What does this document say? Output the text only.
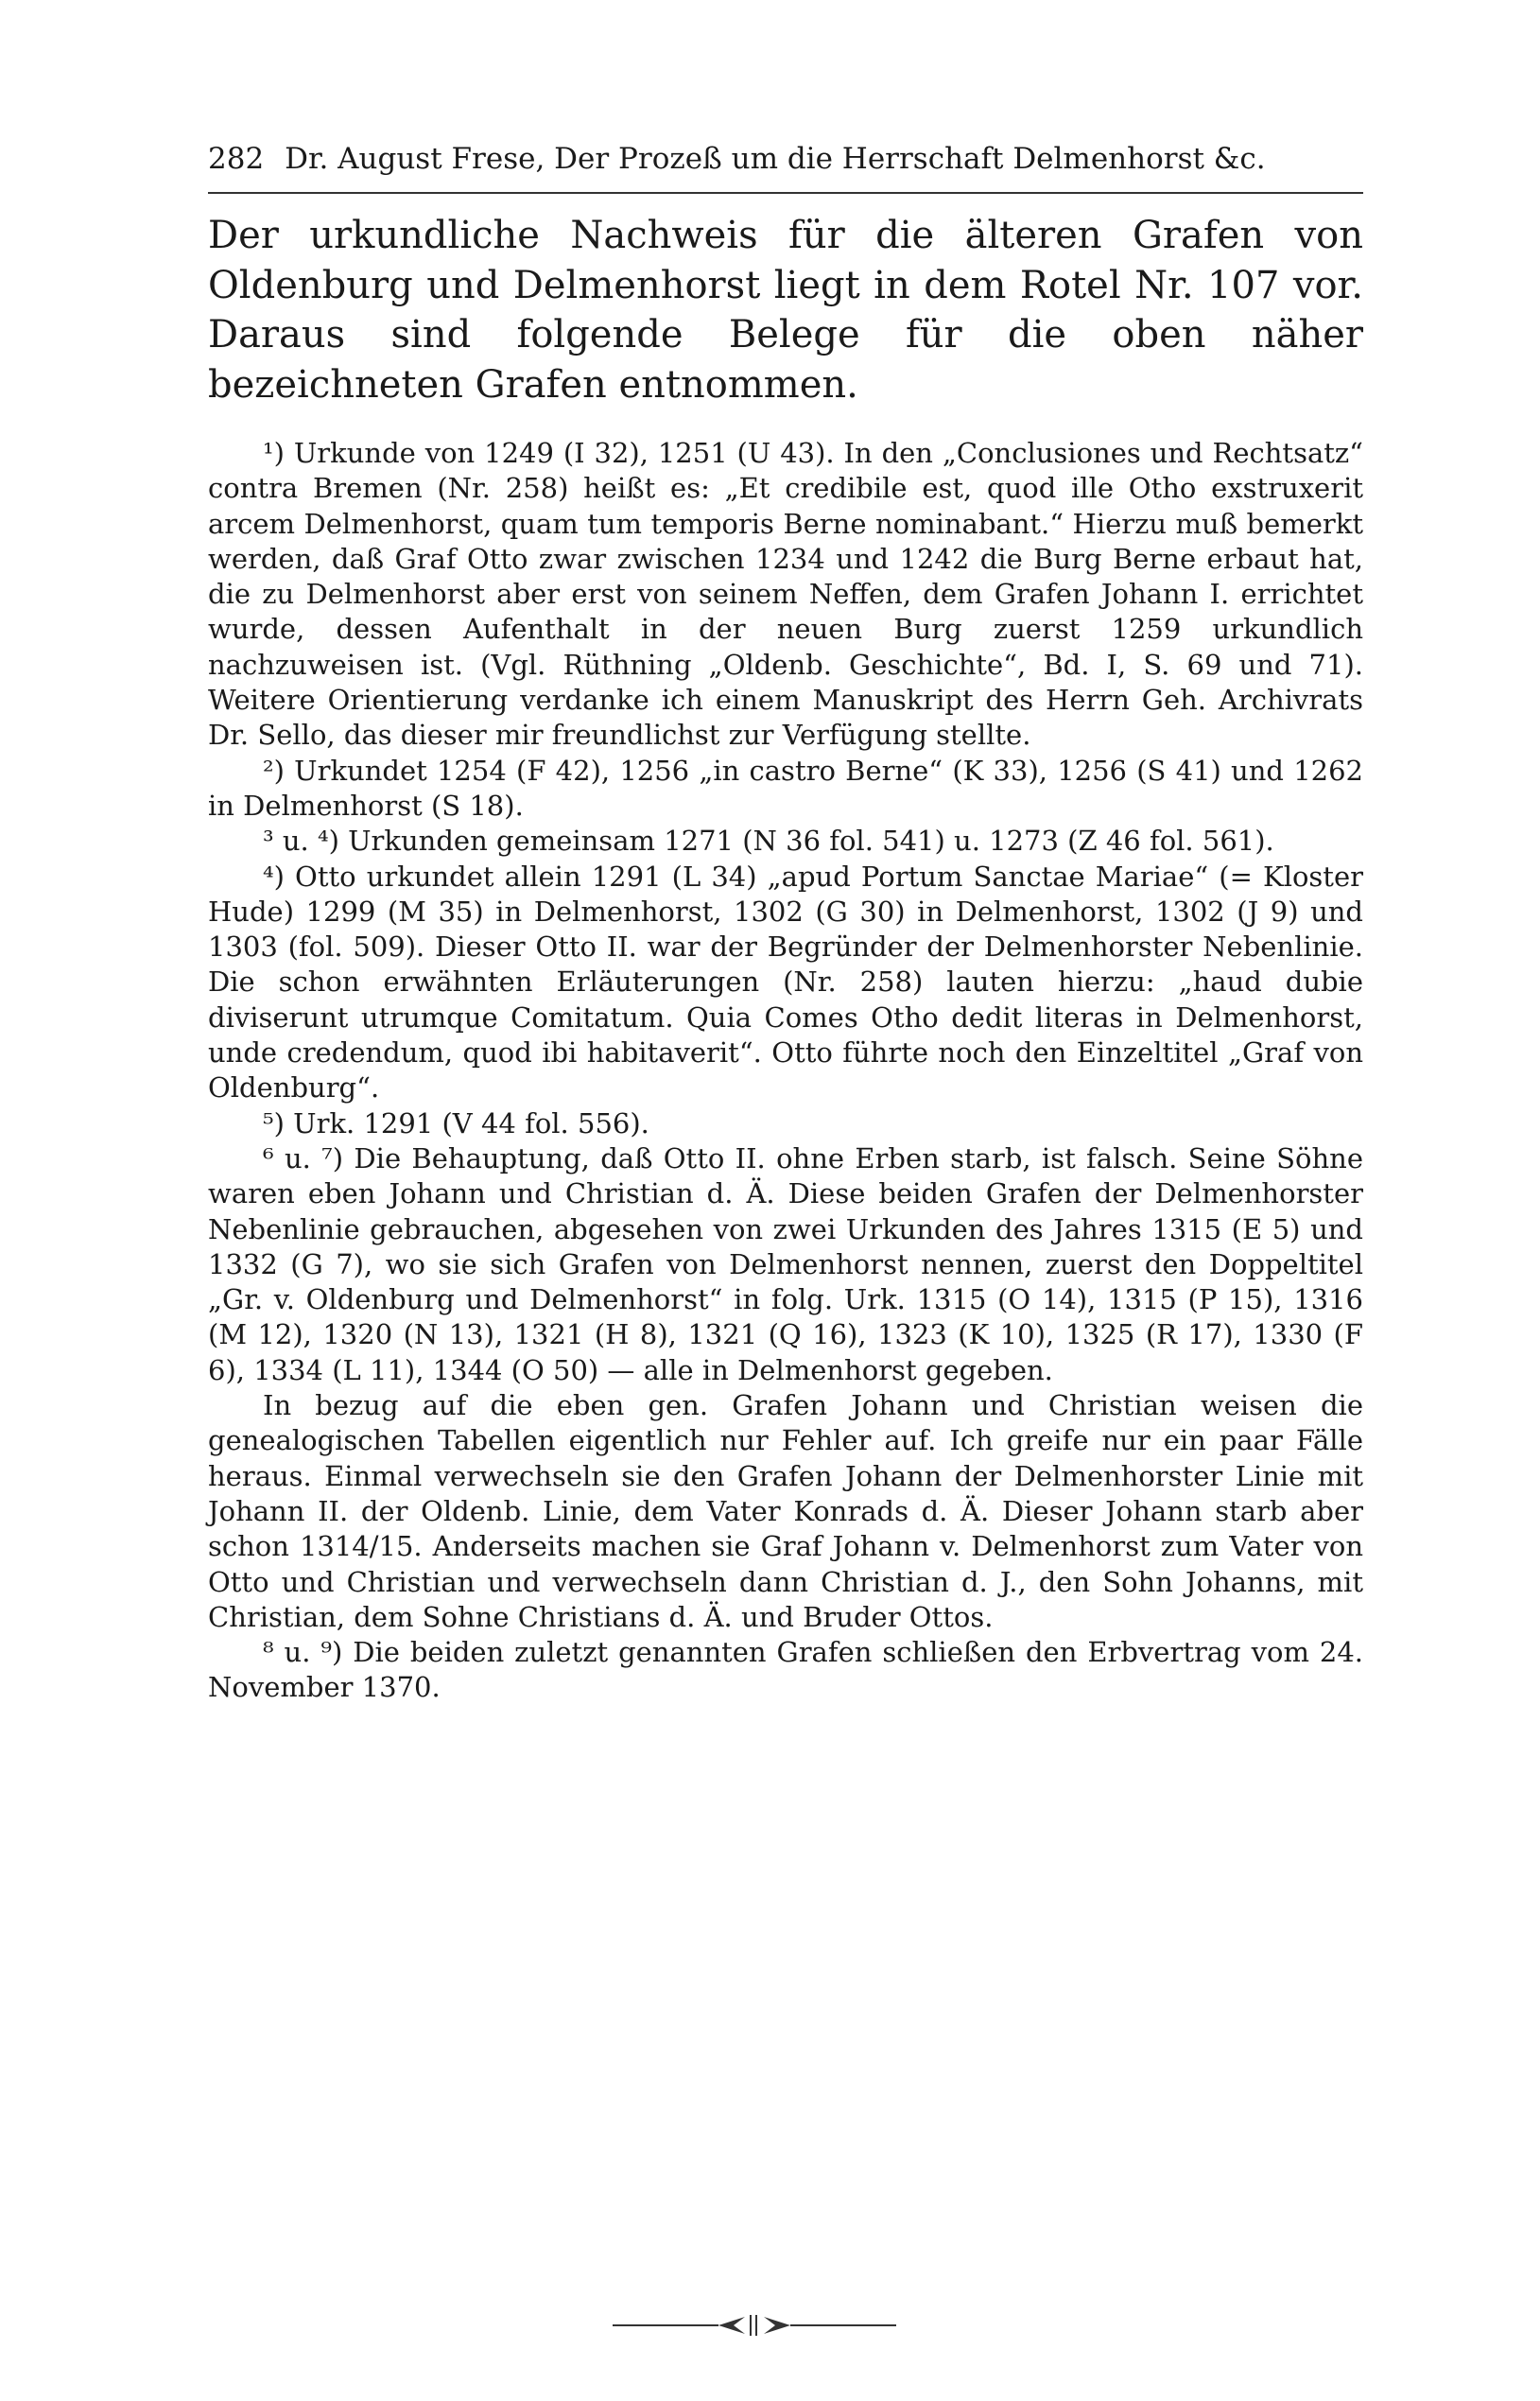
282 Dr. August Frese, Der Prozeß um die Herrschaft Delmenhorst &c.
Der urkundliche Nachweis für die älteren Grafen von Oldenburg und Delmenhorst liegt in dem Rotel Nr. 107 vor. Daraus sind folgende Belege für die oben näher bezeichneten Grafen entnommen.

¹) Urkunde von 1249 (I 32), 1251 (U 43). In den „Conclusiones und Rechtsatz“ contra Bremen (Nr. 258) heißt es: „Et credibile est, quod ille Otho exstruxerit arcem Delmenhorst, quam tum temporis Berne nominabant.“ Hierzu muß bemerkt werden, daß Graf Otto zwar zwischen 1234 und 1242 die Burg Berne erbaut hat, die zu Delmenhorst aber erst von seinem Neffen, dem Grafen Johann I. errichtet wurde, dessen Aufenthalt in der neuen Burg zuerst 1259 urkundlich nachzuweisen ist. (Vgl. Rüthning „Oldenb. Geschichte“, Bd. I, S. 69 und 71). Weitere Orientierung verdanke ich einem Manuskript des Herrn Geh. Archivrats Dr. Sello, das dieser mir freundlichst zur Verfügung stellte.

²) Urkundet 1254 (F 42), 1256 „in castro Berne“ (K 33), 1256 (S 41) und 1262 in Delmenhorst (S 18).

³ u. ⁴) Urkunden gemeinsam 1271 (N 36 fol. 541) u. 1273 (Z 46 fol. 561).

⁴) Otto urkundet allein 1291 (L 34) „apud Portum Sanctae Mariae“ (= Kloster Hude) 1299 (M 35) in Delmenhorst, 1302 (G 30) in Delmenhorst, 1302 (J 9) und 1303 (fol. 509). Dieser Otto II. war der Begründer der Delmenhorster Nebenlinie. Die schon erwähnten Erläuterungen (Nr. 258) lauten hierzu: „haud dubie diviserunt utrumque Comitatum. Quia Comes Otho dedit literas in Delmenhorst, unde credendum, quod ibi habitaverit“. Otto führte noch den Einzeltitel „Graf von Oldenburg“.

⁵) Urk. 1291 (V 44 fol. 556).

⁶ u. ⁷) Die Behauptung, daß Otto II. ohne Erben starb, ist falsch. Seine Söhne waren eben Johann und Christian d. Ä. Diese beiden Grafen der Delmenhorster Nebenlinie gebrauchen, abgesehen von zwei Urkunden des Jahres 1315 (E 5) und 1332 (G 7), wo sie sich Grafen von Delmenhorst nennen, zuerst den Doppeltitel „Gr. v. Oldenburg und Delmenhorst“ in folg. Urk. 1315 (O 14), 1315 (P 15), 1316 (M 12), 1320 (N 13), 1321 (H 8), 1321 (Q 16), 1323 (K 10), 1325 (R 17), 1330 (F 6), 1334 (L 11), 1344 (O 50) — alle in Delmenhorst gegeben.

In bezug auf die eben gen. Grafen Johann und Christian weisen die genealogischen Tabellen eigentlich nur Fehler auf. Ich greife nur ein paar Fälle heraus. Einmal verwechseln sie den Grafen Johann der Delmenhorster Linie mit Johann II. der Oldenb. Linie, dem Vater Konrads d. Ä. Dieser Johann starb aber schon 1314/15. Anderseits machen sie Graf Johann v. Delmenhorst zum Vater von Otto und Christian und verwechseln dann Christian d. J., den Sohn Johanns, mit Christian, dem Sohne Christians d. Ä. und Bruder Ottos.

⁸ u. ⁹) Die beiden zuletzt genannten Grafen schließen den Erbvertrag vom 24. November 1370.
